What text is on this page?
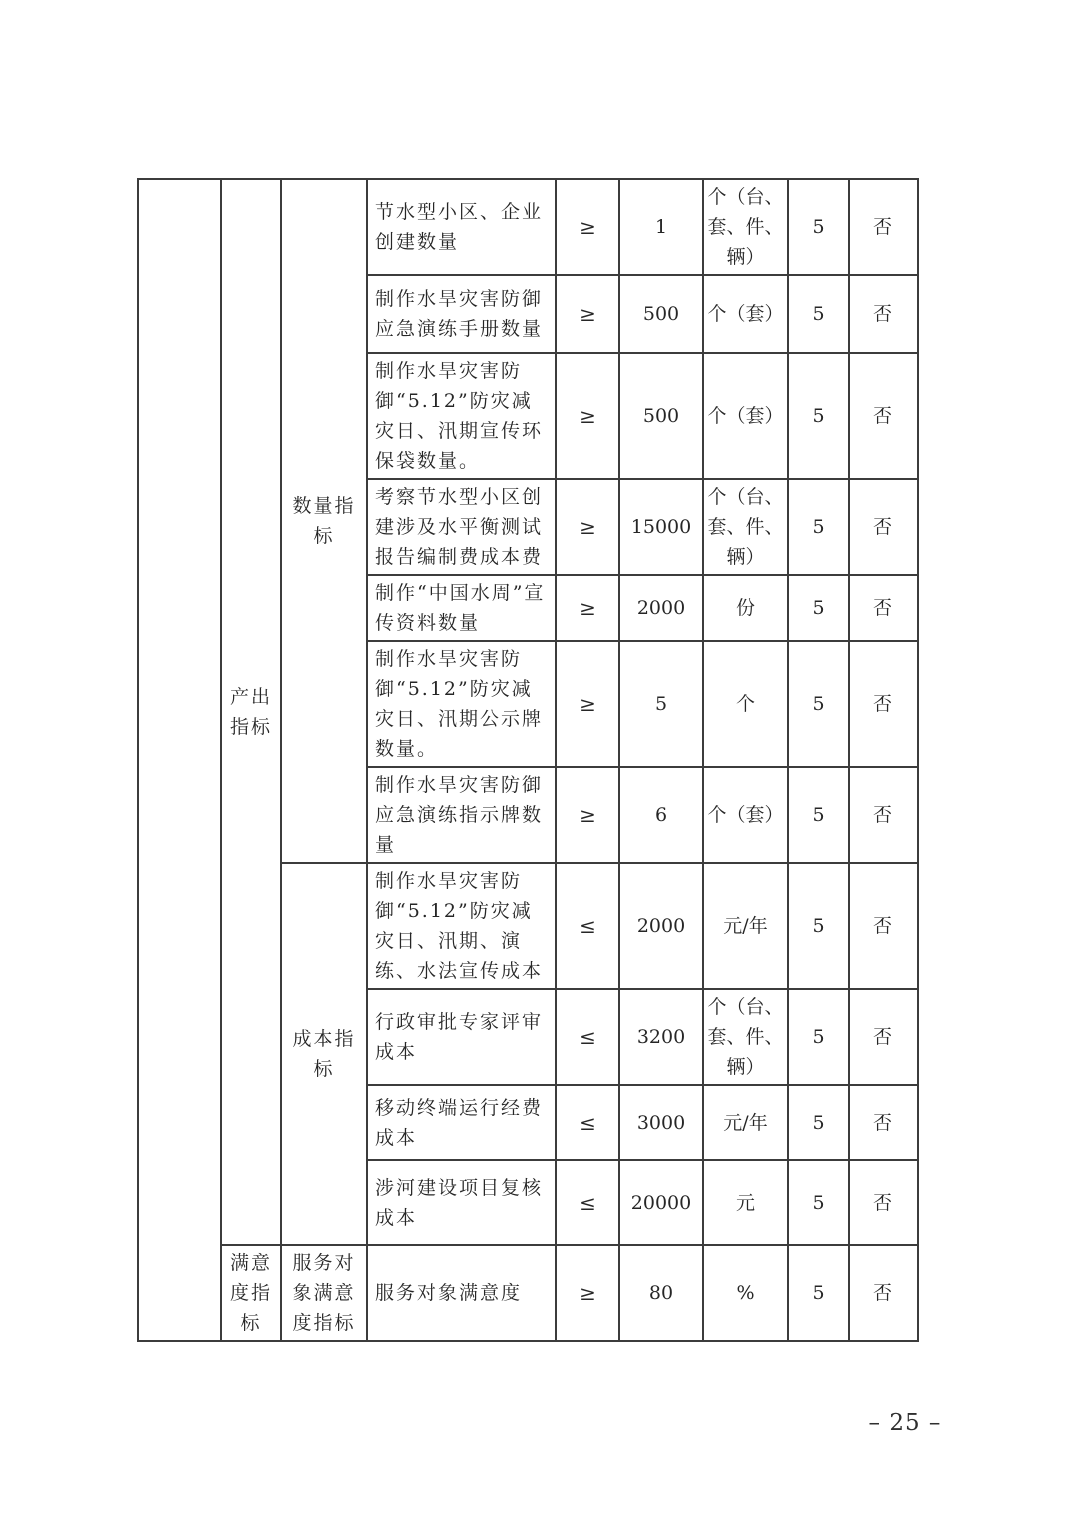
	产出指标	数量指标	节水型小区、企业创建数量	≥	1	个（台、套、件、辆）	5	否
			制作水旱灾害防御应急演练手册数量	≥	500	个（套）	5	否
			制作水旱灾害防御“5.12”防灾减灾日、汛期宣传环保袋数量。	≥	500	个（套）	5	否
			考察节水型小区创建涉及水平衡测试报告编制费成本费	≥	15000	个（台、套、件、辆）	5	否
			制作“中国水周”宣传资料数量	≥	2000	份	5	否
			制作水旱灾害防御“5.12”防灾减灾日、汛期公示牌数量。	≥	5	个	5	否
			制作水旱灾害防御应急演练指示牌数量	≥	6	个（套）	5	否
		成本指标	制作水旱灾害防御“5.12”防灾减灾日、汛期、演练、水法宣传成本	≤	2000	元/年	5	否
			行政审批专家评审成本	≤	3200	个（台、套、件、辆）	5	否
			移动终端运行经费成本	≤	3000	元/年	5	否
			涉河建设项目复核成本	≤	20000	元	5	否
	满意度指标	服务对象满意度指标	服务对象满意度	≥	80	%	5	否
– 25 –
